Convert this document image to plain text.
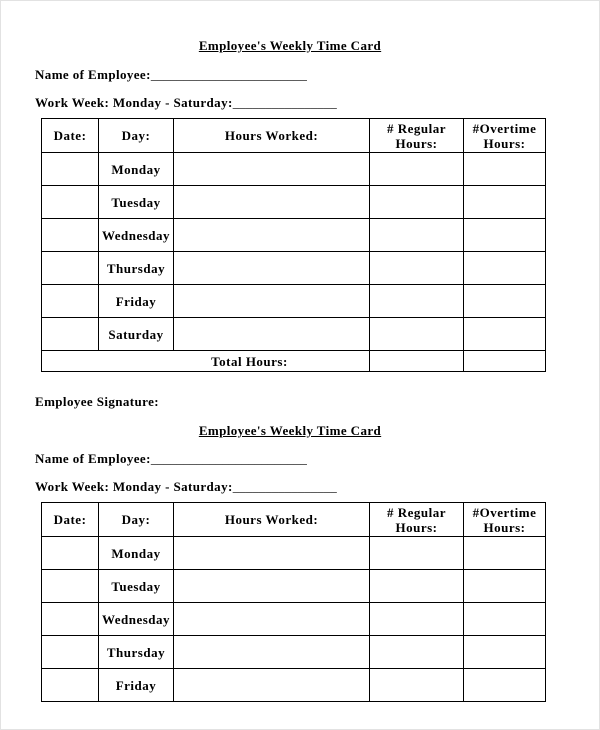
Employee's Weekly Time Card

Name of Employee:________________________

Work Week: Monday - Saturday:________________

Date:	Day:	Hours Worked:	# Regular Hours:	#Overtime Hours:
	Monday			
	Tuesday			
	Wednesday			
	Thursday			
	Friday			
	Saturday			
Total Hours:				

Employee Signature:

Employee's Weekly Time Card

Name of Employee:________________________

Work Week: Monday - Saturday:________________

Date:	Day:	Hours Worked:	# Regular Hours:	#Overtime Hours:
	Monday			
	Tuesday			
	Wednesday			
	Thursday			
	Friday			
